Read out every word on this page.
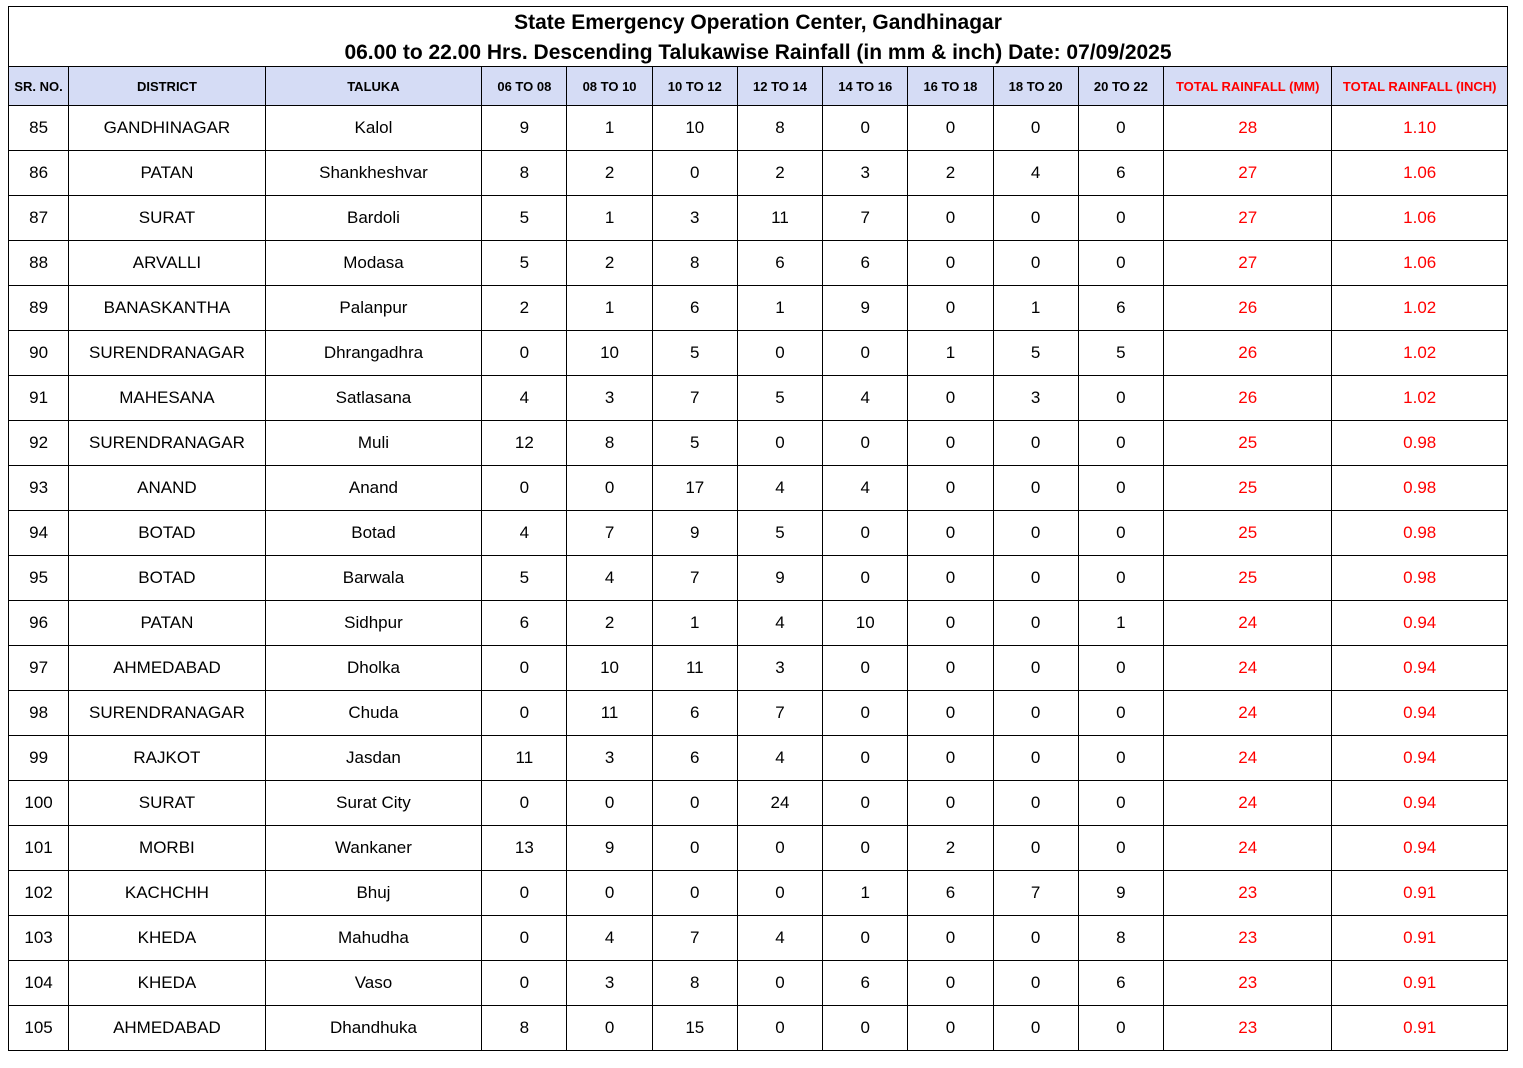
State Emergency Operation Center, Gandhinagar
06.00 to 22.00 Hrs. Descending Talukawise Rainfall (in mm & inch) Date: 07/09/2025
SR. NO.	DISTRICT	TALUKA	06 TO 08	08 TO 10	10 TO 12	12 TO 14	14 TO 16	16 TO 18	18 TO 20	20 TO 22	TOTAL RAINFALL (MM)	TOTAL RAINFALL (INCH)
85	GANDHINAGAR	Kalol	9	1	10	8	0	0	0	0	28	1.10
86	PATAN	Shankheshvar	8	2	0	2	3	2	4	6	27	1.06
87	SURAT	Bardoli	5	1	3	11	7	0	0	0	27	1.06
88	ARVALLI	Modasa	5	2	8	6	6	0	0	0	27	1.06
89	BANASKANTHA	Palanpur	2	1	6	1	9	0	1	6	26	1.02
90	SURENDRANAGAR	Dhrangadhra	0	10	5	0	0	1	5	5	26	1.02
91	MAHESANA	Satlasana	4	3	7	5	4	0	3	0	26	1.02
92	SURENDRANAGAR	Muli	12	8	5	0	0	0	0	0	25	0.98
93	ANAND	Anand	0	0	17	4	4	0	0	0	25	0.98
94	BOTAD	Botad	4	7	9	5	0	0	0	0	25	0.98
95	BOTAD	Barwala	5	4	7	9	0	0	0	0	25	0.98
96	PATAN	Sidhpur	6	2	1	4	10	0	0	1	24	0.94
97	AHMEDABAD	Dholka	0	10	11	3	0	0	0	0	24	0.94
98	SURENDRANAGAR	Chuda	0	11	6	7	0	0	0	0	24	0.94
99	RAJKOT	Jasdan	11	3	6	4	0	0	0	0	24	0.94
100	SURAT	Surat City	0	0	0	24	0	0	0	0	24	0.94
101	MORBI	Wankaner	13	9	0	0	0	2	0	0	24	0.94
102	KACHCHH	Bhuj	0	0	0	0	1	6	7	9	23	0.91
103	KHEDA	Mahudha	0	4	7	4	0	0	0	8	23	0.91
104	KHEDA	Vaso	0	3	8	0	6	0	0	6	23	0.91
105	AHMEDABAD	Dhandhuka	8	0	15	0	0	0	0	0	23	0.91
